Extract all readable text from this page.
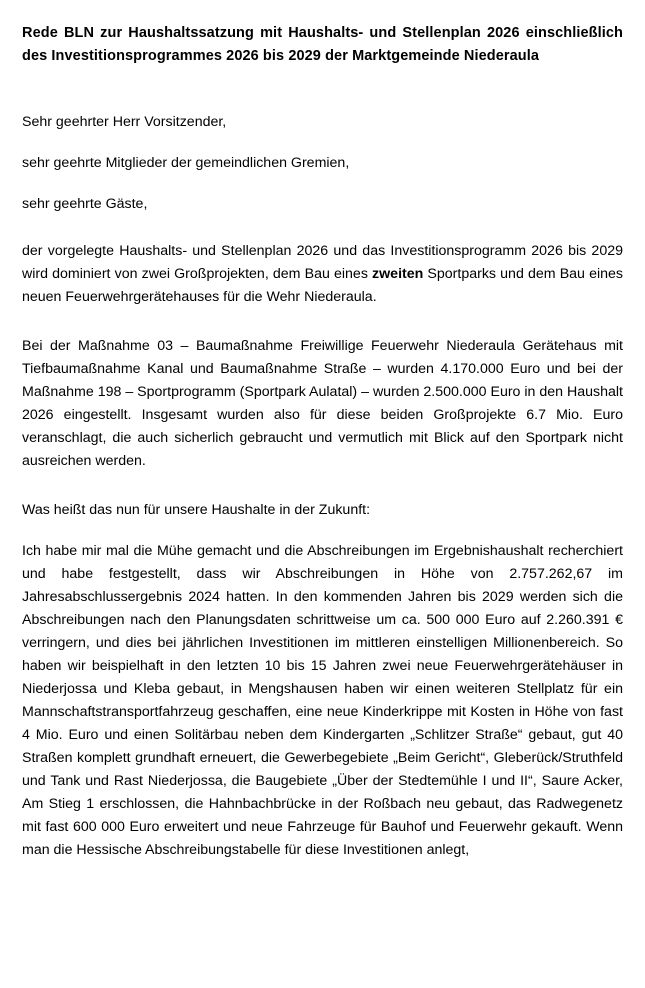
Rede BLN zur Haushaltssatzung mit Haushalts- und Stellenplan 2026 einschließlich des Investitionsprogrammes 2026 bis 2029 der Marktgemeinde Niederaula

Sehr geehrter Herr Vorsitzender,

sehr geehrte Mitglieder der gemeindlichen Gremien,

sehr geehrte Gäste,

der vorgelegte Haushalts- und Stellenplan 2026 und das Investitionsprogramm 2026 bis 2029 wird dominiert von zwei Großprojekten, dem Bau eines zweiten Sportparks und dem Bau eines neuen Feuerwehrgerätehauses für die Wehr Niederaula.

Bei der Maßnahme 03 – Baumaßnahme Freiwillige Feuerwehr Niederaula Gerätehaus mit Tiefbaumaßnahme Kanal und Baumaßnahme Straße – wurden 4.170.000 Euro und bei der Maßnahme 198 – Sportprogramm (Sportpark Aulatal) – wurden 2.500.000 Euro in den Haushalt 2026 eingestellt. Insgesamt wurden also für diese beiden Großprojekte 6.7 Mio. Euro veranschlagt, die auch sicherlich gebraucht und vermutlich mit Blick auf den Sportpark nicht ausreichen werden.

Was heißt das nun für unsere Haushalte in der Zukunft:

Ich habe mir mal die Mühe gemacht und die Abschreibungen im Ergebnishaushalt recherchiert und habe festgestellt, dass wir Abschreibungen in Höhe von 2.757.262,67 im Jahresabschlussergebnis 2024 hatten. In den kommenden Jahren bis 2029 werden sich die Abschreibungen nach den Planungsdaten schrittweise um ca. 500 000 Euro auf 2.260.391 € verringern, und dies bei jährlichen Investitionen im mittleren einstelligen Millionenbereich. So haben wir beispielhaft in den letzten 10 bis 15 Jahren zwei neue Feuerwehrgerätehäuser in Niederjossa und Kleba gebaut, in Mengshausen haben wir einen weiteren Stellplatz für ein Mannschaftstransportfahrzeug geschaffen, eine neue Kinderkrippe mit Kosten in Höhe von fast 4 Mio. Euro und einen Solitärbau neben dem Kindergarten „Schlitzer Straße“ gebaut, gut 40 Straßen komplett grundhaft erneuert, die Gewerbegebiete „Beim Gericht“, Gleberück/Struthfeld und Tank und Rast Niederjossa, die Baugebiete „Über der Stedtemühle I und II“, Saure Acker, Am Stieg 1 erschlossen, die Hahnbachbrücke in der Roßbach neu gebaut, das Radwegenetz mit fast 600 000 Euro erweitert und neue Fahrzeuge für Bauhof und Feuerwehr gekauft. Wenn man die Hessische Abschreibungstabelle für diese Investitionen anlegt,
